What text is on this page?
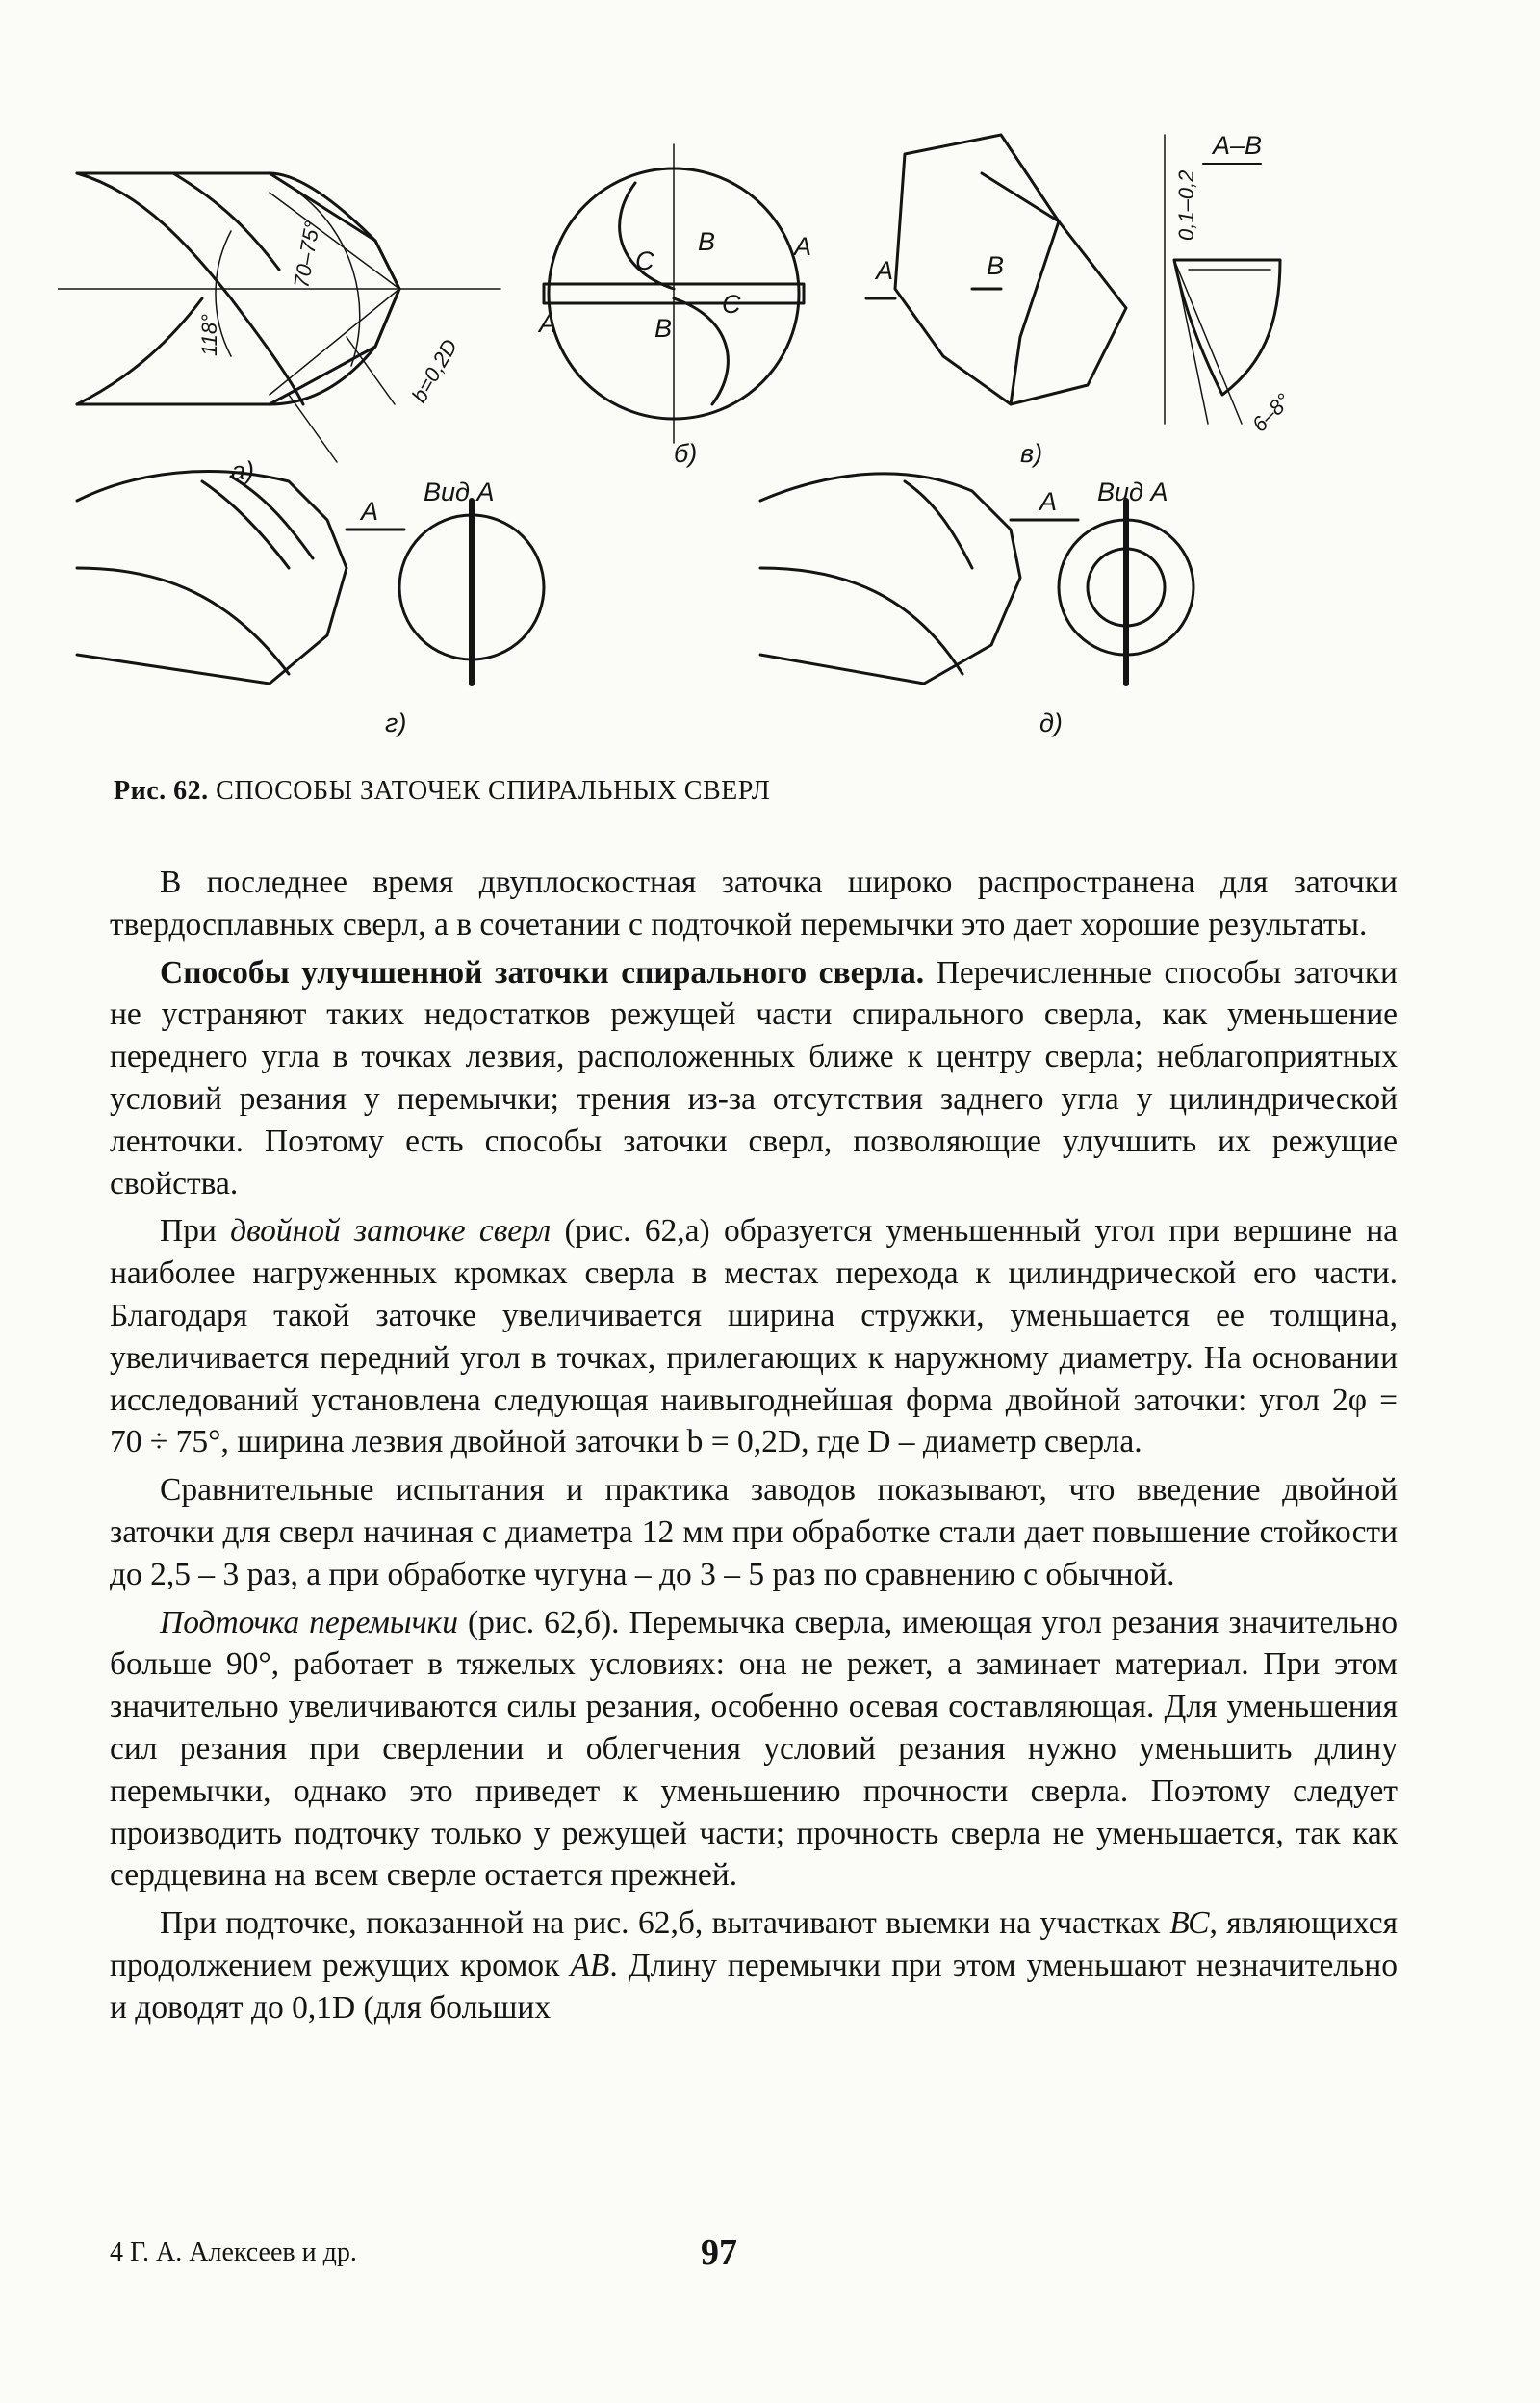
а)
б)	в)
г)	д)
Вид А	Вид А
А	А
А
А–В
А
А
В
В
С
С
В
118°
70–75°
b=0,2D
0,1–0,2
6–8°
Рис. 62. СПОСОБЫ ЗАТОЧЕК СПИРАЛЬНЫХ СВЕРЛ

В последнее время двуплоскостная заточка широко распространена для заточки твердосплавных сверл, а в сочетании с подточкой перемычки это дает хорошие результаты.

Способы улучшенной заточки спирального сверла. Перечисленные способы заточки не устраняют таких недостатков режущей части спирального сверла, как уменьшение переднего угла в точках лезвия, расположенных ближе к центру сверла; неблагоприятных условий резания у перемычки; трения из-за отсутствия заднего угла у цилиндрической ленточки. Поэтому есть способы заточки сверл, позволяющие улучшить их режущие свойства.

При двойной заточке сверл (рис. 62,а) образуется уменьшенный угол при вершине на наиболее нагруженных кромках сверла в местах перехода к цилиндрической его части. Благодаря такой заточке увеличивается ширина стружки, уменьшается ее толщина, увеличивается передний угол в точках, прилегающих к наружному диаметру. На основании исследований установлена следующая наивыгоднейшая форма двойной заточки: угол 2φ = 70 ÷ 75°, ширина лезвия двойной заточки b = 0,2D, где D – диаметр сверла.

Сравнительные испытания и практика заводов показывают, что введение двойной заточки для сверл начиная с диаметра 12 мм при обработке стали дает повышение стойкости до 2,5 – 3 раз, а при обработке чугуна – до 3 – 5 раз по сравнению с обычной.

Подточка перемычки (рис. 62,б). Перемычка сверла, имеющая угол резания значительно больше 90°, работает в тяжелых условиях: она не режет, а заминает материал. При этом значительно увеличиваются силы резания, особенно осевая составляющая. Для уменьшения сил резания при сверлении и облегчения условий резания нужно уменьшить длину перемычки, однако это приведет к уменьшению прочности сверла. Поэтому следует производить подточку только у режущей части; прочность сверла не уменьшается, так как сердцевина на всем сверле остается прежней.

При подточке, показанной на рис. 62,б, вытачивают выемки на участках ВС, являющихся продолжением режущих кромок АВ. Длину перемычки при этом уменьшают незначительно и доводят до 0,1D (для больших

4 Г. А. Алексеев и др.	97
